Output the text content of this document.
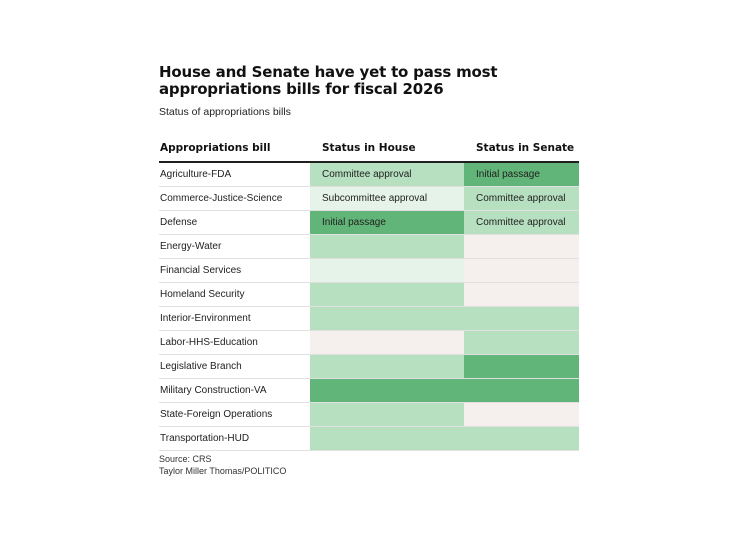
House and Senate have yet to pass most appropriations bills for fiscal 2026
Status of appropriations bills
Appropriations bill	Status in House	Status in Senate
Agriculture-FDA	Committee approval	Initial passage
Commerce-Justice-Science	Subcommittee approval	Committee approval
Defense	Initial passage	Committee approval
Energy-Water
Financial Services
Homeland Security
Interior-Environment
Labor-HHS-Education
Legislative Branch
Military Construction-VA
State-Foreign Operations
Transportation-HUD
Source: CRS
Taylor Miller Thomas/POLITICO
